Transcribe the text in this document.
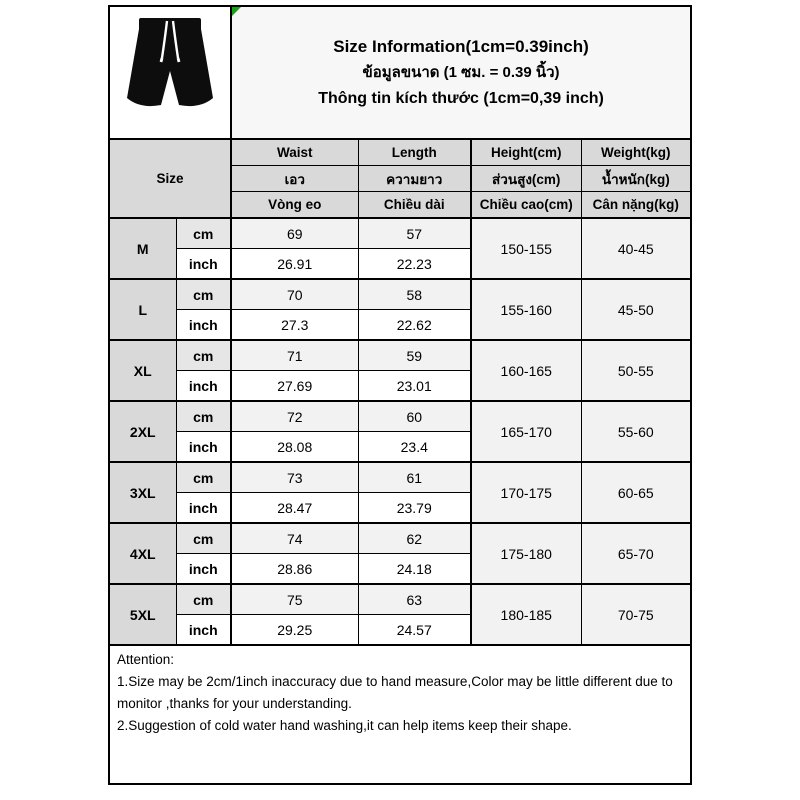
Size Information(1cm=0.39inch)
ข้อมูลขนาด (1 ซม. = 0.39 นิ้ว)
Thông tin kích thước (1cm=0,39 inch)			

Size		Waist	Length	Height(cm)	Weight(kg)
		เอว	ความยาว	ส่วนสูง(cm)	น้ำหนัก(kg)
		Vòng eo	Chiều dài	Chiều cao(cm)	Cân nặng(kg)
M	cm	69	57	150-155	40-45
	inch	26.91	22.23		
L	cm	70	58	155-160	45-50
	inch	27.3	22.62		
XL	cm	71	59	160-165	50-55
	inch	27.69	23.01		
2XL	cm	72	60	165-170	55-60
	inch	28.08	23.4		
3XL	cm	73	61	170-175	60-65
	inch	28.47	23.79		
4XL	cm	74	62	175-180	65-70
	inch	28.86	24.18		
5XL	cm	75	63	180-185	70-75
	inch	29.25	24.57		

Attention:
1.Size may be 2cm/1inch inaccuracy due to hand measure,Color may be little different due to monitor ,thanks for your understanding.
2.Suggestion of cold water hand washing,it can help items keep their shape.					
